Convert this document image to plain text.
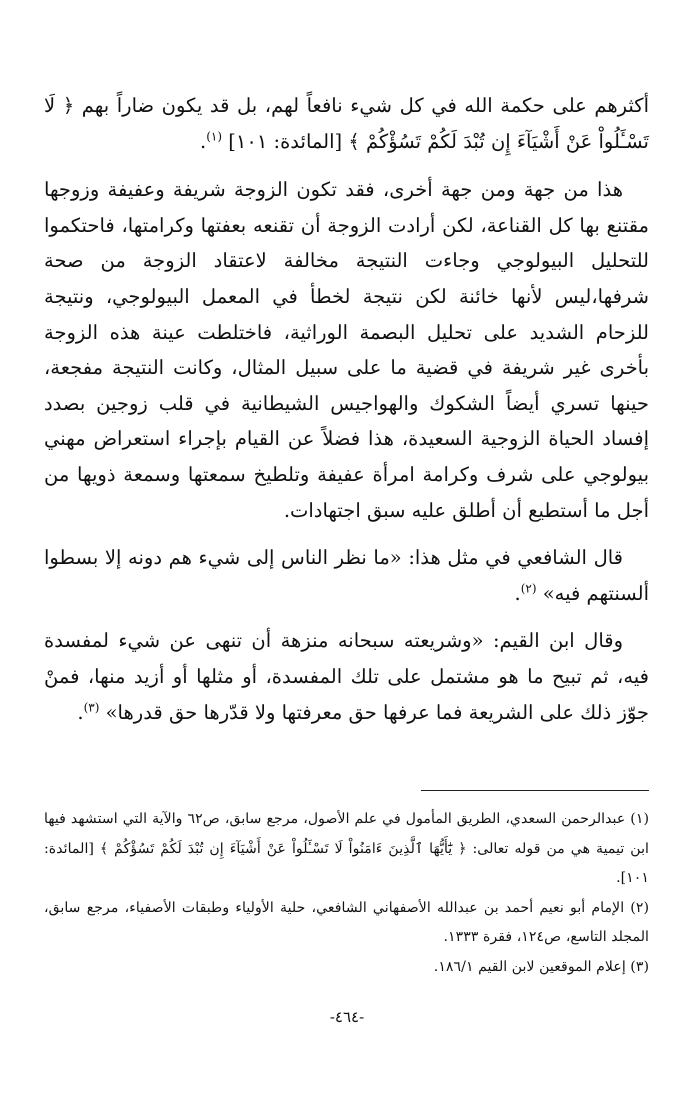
أكثرهم على حكمة الله في كل شيء نافعاً لهم، بل قد يكون ضاراً بهم ﴿ لَا تَسْـَٔلُواْ عَنْ أَشْيَآءَ إِن تُبْدَ لَكُمْ تَسُؤْكُمْ ﴾ [المائدة: ١٠١] $^{(١)}$.

هذا من جهة ومن جهة أخرى، فقد تكون الزوجة شريفة وعفيفة وزوجها مقتنع بها كل القناعة، لكن أرادت الزوجة أن تقنعه بعفتها وكرامتها، فاحتكموا للتحليل البيولوجي وجاءت النتيجة مخالفة لاعتقاد الزوجة من صحة شرفها،ليس لأنها خائنة لكن نتيجة لخطأ في المعمل البيولوجي، ونتيجة للزحام الشديد على تحليل البصمة الوراثية، فاختلطت عينة هذه الزوجة بأخرى غير شريفة في قضية ما على سبيل المثال، وكانت النتيجة مفجعة، حينها تسري أيضاً الشكوك والهواجيس الشيطانية في قلب زوجين بصدد إفساد الحياة الزوجية السعيدة، هذا فضلاً عن القيام بإجراء استعراض مهني بيولوجي على شرف وكرامة امرأة عفيفة وتلطيخ سمعتها وسمعة ذويها من أجل ما أستطيع أن أطلق عليه سبق اجتهادات.

قال الشافعي في مثل هذا: «ما نظر الناس إلى شيء هم دونه إلا بسطوا ألسنتهم فيه» $^{(٢)}$.

وقال ابن القيم: «وشريعته سبحانه منزهة أن تنهى عن شيء لمفسدة فيه، ثم تبيح ما هو مشتمل على تلك المفسدة، أو مثلها أو أزيد منها، فمنْ جوّز ذلك على الشريعة فما عرفها حق معرفتها ولا قدّرها حق قدرها» $^{(٣)}$.

(١) عبدالرحمن السعدي، الطريق المأمول في علم الأصول، مرجع سابق، ص٦٢ والآية التي استشهد فيها ابن تيمية هي من قوله تعالى: ﴿ يَٰٓأَيُّهَا ٱلَّذِينَ ءَامَنُواْ لَا تَسْـَٔلُواْ عَنْ أَشْيَآءَ إِن تُبْدَ لَكُمْ تَسُؤْكُمْ ﴾ [المائدة: ١٠١].

(٢) الإمام أبو نعيم أحمد بن عبدالله الأصفهاني الشافعي، حلية الأولياء وطبقات الأصفياء، مرجع سابق، المجلد التاسع، ص١٢٤، فقرة ١٣٣٣.

(٣) إعلام الموقعين لابن القيم ١٨٦/١.

-٤٦٤-
